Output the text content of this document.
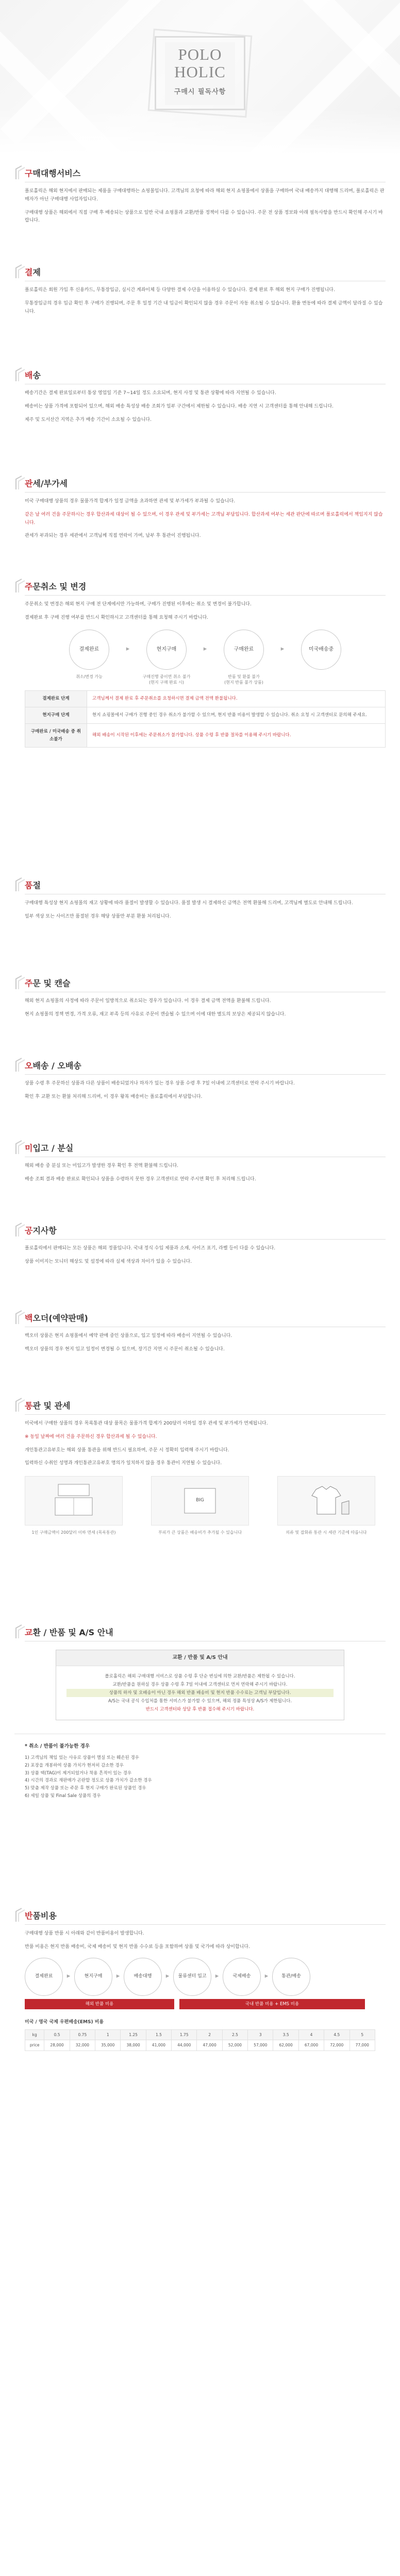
POLO
HOLIC
구매시 필독사항
구매대행서비스

폴로홀릭은 해외 현지에서 판매되는 제품을 구매대행하는 쇼핑몰입니다. 고객님의 요청에 따라 해외 현지 쇼핑몰에서 상품을 구매하여 국내 배송까지 대행해 드리며, 폴로홀릭은 판매자가 아닌 구매대행 사업자입니다.

구매대행 상품은 해외에서 직접 구매 후 배송되는 상품으로 일반 국내 쇼핑몰과 교환/반품 정책이 다를 수 있습니다. 주문 전 상품 정보와 아래 필독사항을 반드시 확인해 주시기 바랍니다.

결제

폴로홀릭은 회원 가입 후 신용카드, 무통장입금, 실시간 계좌이체 등 다양한 결제 수단을 이용하실 수 있습니다. 결제 완료 후 해외 현지 구매가 진행됩니다.

무통장입금의 경우 입금 확인 후 구매가 진행되며, 주문 후 일정 기간 내 입금이 확인되지 않을 경우 주문이 자동 취소될 수 있습니다. 환율 변동에 따라 결제 금액이 달라질 수 있습니다.

배송

배송기간은 결제 완료일로부터 통상 영업일 기준 7~14일 정도 소요되며, 현지 사정 및 통관 상황에 따라 지연될 수 있습니다.

배송비는 상품 가격에 포함되어 있으며, 해외 배송 특성상 배송 조회가 일부 구간에서 제한될 수 있습니다. 배송 지연 시 고객센터를 통해 안내해 드립니다.

제주 및 도서산간 지역은 추가 배송 기간이 소요될 수 있습니다.

관세/부가세

미국 구매대행 상품의 경우 물품가격 합계가 일정 금액을 초과하면 관세 및 부가세가 부과될 수 있습니다.

같은 날 여러 건을 주문하시는 경우 합산과세 대상이 될 수 있으며, 이 경우 관세 및 부가세는 고객님 부담입니다. 합산과세 여부는 세관 판단에 따르며 폴로홀릭에서 책임지지 않습니다.

관세가 부과되는 경우 세관에서 고객님께 직접 연락이 가며, 납부 후 통관이 진행됩니다.

주문취소 및 변경

주문취소 및 변경은 해외 현지 구매 전 단계에서만 가능하며, 구매가 진행된 이후에는 취소 및 변경이 불가합니다.

결제완료 후 구매 진행 여부를 반드시 확인하시고 고객센터를 통해 요청해 주시기 바랍니다.

결제완료
취소/변경 가능
▸	현지구매
구매진행 중이면 취소 불가
(현지 구매 완료 시)
▸	구매완료
반품 및 환불 불가
(현지 반품 불가 상품)
▸	미국배송중
결제완료 단계	고객님께서 결제 완료 후 주문취소를 요청하시면 결제 금액 전액 환불됩니다.
현지구매 단계	현지 쇼핑몰에서 구매가 진행 중인 경우 취소가 불가할 수 있으며, 현지 반품 비용이 발생할 수 있습니다. 취소 요청 시 고객센터로 문의해 주세요.
구매완료 / 미국배송 중 취소불가	해외 배송이 시작된 이후에는 주문취소가 불가합니다. 상품 수령 후 반품 절차를 이용해 주시기 바랍니다.
품절

구매대행 특성상 현지 쇼핑몰의 재고 상황에 따라 품절이 발생할 수 있습니다. 품절 발생 시 결제하신 금액은 전액 환불해 드리며, 고객님께 별도로 안내해 드립니다.

일부 색상 또는 사이즈만 품절된 경우 해당 상품만 부분 환불 처리됩니다.

주문 및 캔슬

해외 현지 쇼핑몰의 사정에 따라 주문이 일방적으로 취소되는 경우가 있습니다. 이 경우 결제 금액 전액을 환불해 드립니다.

현지 쇼핑몰의 정책 변경, 가격 오류, 재고 부족 등의 사유로 주문이 캔슬될 수 있으며 이에 대한 별도의 보상은 제공되지 않습니다.

오배송 / 오배송

상품 수령 후 주문하신 상품과 다른 상품이 배송되었거나 하자가 있는 경우 상품 수령 후 7일 이내에 고객센터로 연락 주시기 바랍니다.

확인 후 교환 또는 환불 처리해 드리며, 이 경우 왕복 배송비는 폴로홀릭에서 부담합니다.

미입고 / 분실

해외 배송 중 분실 또는 미입고가 발생한 경우 확인 후 전액 환불해 드립니다.

배송 조회 결과 배송 완료로 확인되나 상품을 수령하지 못한 경우 고객센터로 연락 주시면 확인 후 처리해 드립니다.

공지사항

폴로홀릭에서 판매되는 모든 상품은 해외 정품입니다. 국내 정식 수입 제품과 소재, 사이즈 표기, 라벨 등이 다를 수 있습니다.

상품 이미지는 모니터 해상도 및 설정에 따라 실제 색상과 차이가 있을 수 있습니다.

백오더(예약판매)

백오더 상품은 현지 쇼핑몰에서 예약 판매 중인 상품으로, 입고 일정에 따라 배송이 지연될 수 있습니다.

백오더 상품의 경우 현지 입고 일정이 변경될 수 있으며, 장기간 지연 시 주문이 취소될 수 있습니다.

통관 및 관세

미국에서 구매한 상품의 경우 목록통관 대상 품목은 물품가격 합계가 200달러 이하일 경우 관세 및 부가세가 면제됩니다.

※ 동일 날짜에 여러 건을 주문하신 경우 합산과세 될 수 있습니다.

개인통관고유부호는 해외 상품 통관을 위해 반드시 필요하며, 주문 시 정확히 입력해 주시기 바랍니다.

입력하신 수취인 성명과 개인통관고유부호 명의가 일치하지 않을 경우 통관이 지연될 수 있습니다.

1인 구매금액이 200달러 이하 면세 (목록통관)
BIG
부피가 큰 상품은 배송비가 추가될 수 있습니다	의류 및 잡화류 통관 시 세관 기준에 따릅니다
교환 / 반품 및 A/S 안내
교환 / 반품 및 A/S 안내
폴로홀릭은 해외 구매대행 서비스로 상품 수령 후 단순 변심에 의한 교환/반품은 제한될 수 있습니다.
교환/반품을 원하실 경우 상품 수령 후 7일 이내에 고객센터로 먼저 연락해 주시기 바랍니다.
상품의 하자 및 오배송이 아닌 경우 해외 반품 배송비 및 현지 반품 수수료는 고객님 부담입니다.
A/S는 국내 공식 수입처를 통한 서비스가 불가할 수 있으며, 해외 정품 특성상 A/S가 제한됩니다.
반드시 고객센터와 상담 후 반품 접수해 주시기 바랍니다.
* 취소 / 반품이 불가능한 경우
1) 고객님의 책임 있는 사유로 상품이 멸실 또는 훼손된 경우
2) 포장을 개봉하여 상품 가치가 현저히 감소한 경우
3) 상품 택(TAG)이 제거되었거나 착용 흔적이 있는 경우
4) 시간의 경과로 재판매가 곤란할 정도로 상품 가치가 감소한 경우
5) 맞춤 제작 상품 또는 주문 후 현지 구매가 완료된 상품인 경우
6) 세일 상품 및 Final Sale 상품의 경우
반품비용

구매대행 상품 반품 시 아래와 같이 반품비용이 발생합니다.

반품 비용은 현지 반품 배송비, 국제 배송비 및 현지 반품 수수료 등을 포함하며 상품 및 국가에 따라 상이합니다.

결제완료	▸	현지구매	▸	배송대행	▸	물류센터 입고	▸	국제배송	▸	통관/배송
해외 반품 비용	국내 반품 비용 + EMS 비용
미국 / 영국 국제 우편배송(EMS) 비용
kg	0.5	0.75	1	1.25	1.5	1.75	2	2.5	3	3.5	4	4.5	5
price	28,000	32,000	35,000	38,000	41,000	44,000	47,000	52,000	57,000	62,000	67,000	72,000	77,000
